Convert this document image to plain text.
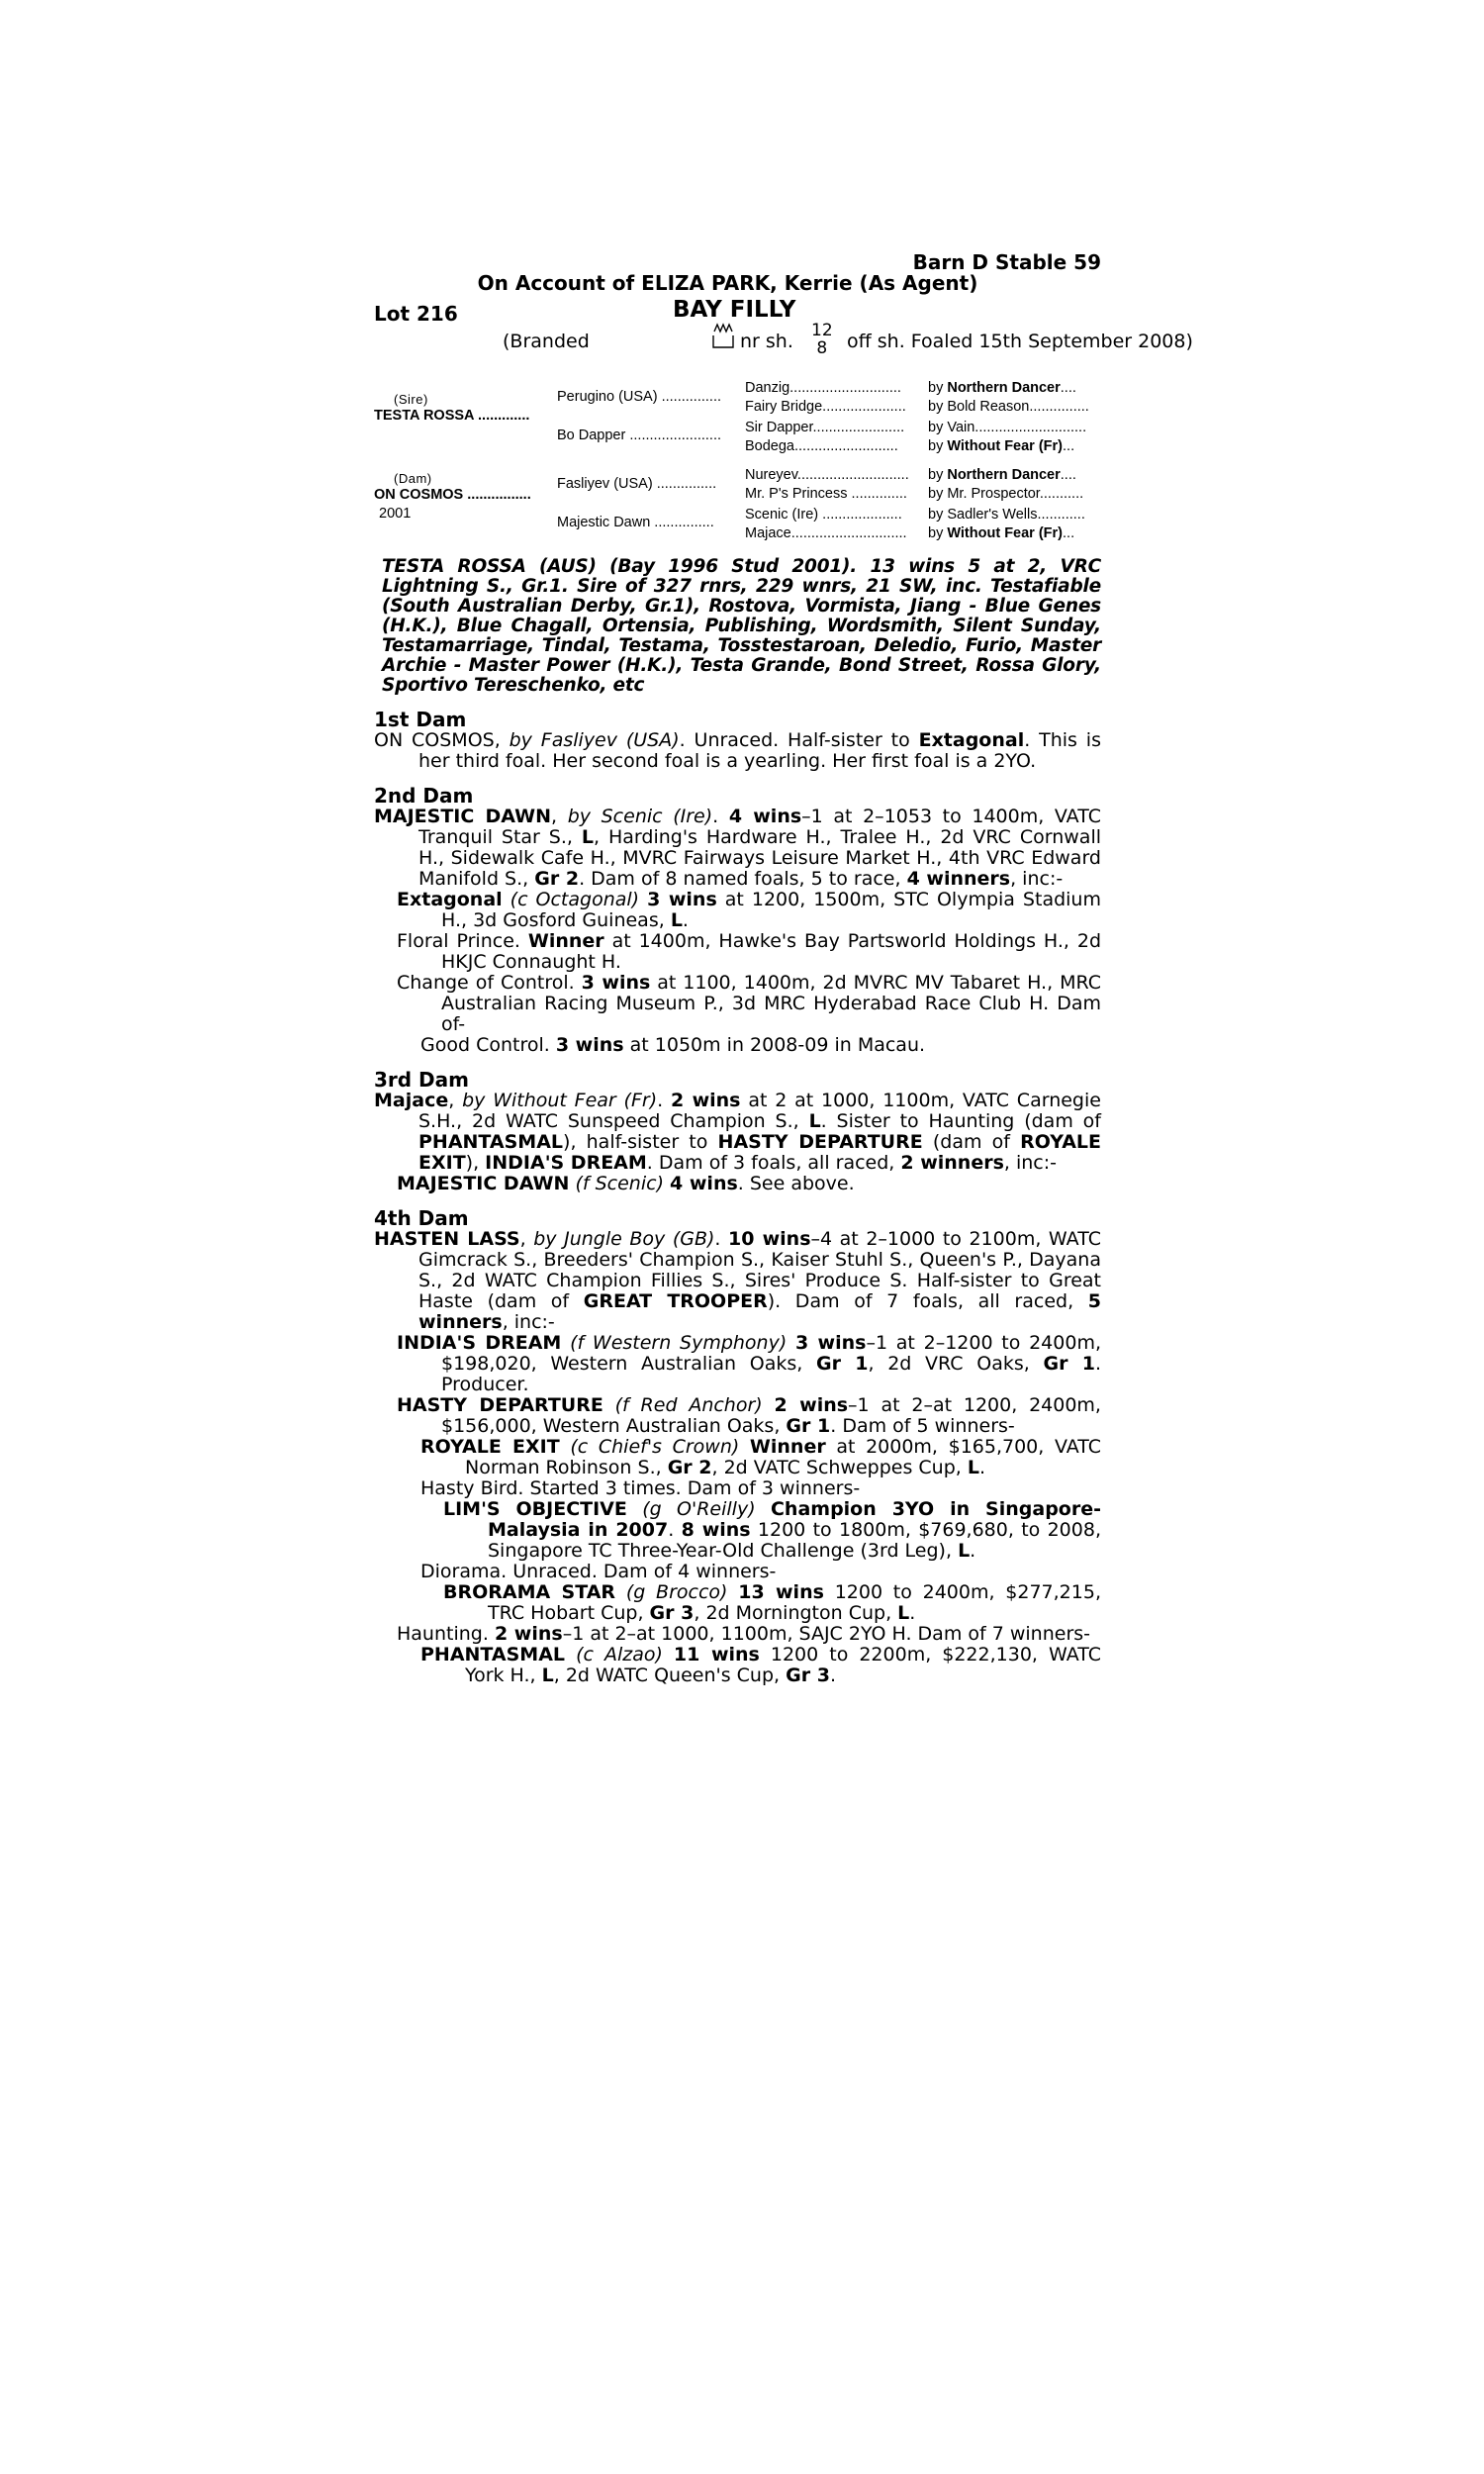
Barn D Stable 59
On Account of ELIZA PARK, Kerrie (As Agent)
Lot 216	BAY FILLY
(Branded	nr sh. 12
8 off sh. Foaled 15th September 2008)
(Sire)
TESTA ROSSA .............
(Dam)
ON COSMOS ................
2001
Perugino (USA) ...............
Bo Dapper .......................
Fasliyev (USA) ...............
Majestic Dawn ...............
Danzig............................
Fairy Bridge.....................
Sir Dapper.......................
Bodega..........................
Nureyev............................
Mr. P's Princess ..............
Scenic (Ire) ....................
Majace.............................
by Northern Dancer....
by Bold Reason...............
by Vain............................
by Without Fear (Fr)...
by Northern Dancer....
by Mr. Prospector...........
by Sadler's Wells............
by Without Fear (Fr)...
TESTA ROSSA (AUS) (Bay 1996 Stud 2001). 13 wins 5 at 2, VRC Lightning S., Gr.1. Sire of 327 rnrs, 229 wnrs, 21 SW, inc. Testafiable (South Australian Derby, Gr.1), Rostova, Vormista, Jiang - Blue Genes (H.K.), Blue Chagall, Ortensia, Publishing, Wordsmith, Silent Sunday, Testamarriage, Tindal, Testama, Tosstestaroan, Deledio, Furio, Master Archie - Master Power (H.K.), Testa Grande, Bond Street, Rossa Glory, Sportivo Tereschenko, etc
1st Dam
ON COSMOS, by Fasliyev (USA). Unraced. Half-sister to Extagonal. This is her third foal. Her second foal is a yearling. Her first foal is a 2YO.
2nd Dam
MAJESTIC DAWN, by Scenic (Ire). 4 wins–1 at 2–1053 to 1400m, VATC Tranquil Star S., L, Harding's Hardware H., Tralee H., 2d VRC Cornwall H., Sidewalk Cafe H., MVRC Fairways Leisure Market H., 4th VRC Edward Manifold S., Gr 2. Dam of 8 named foals, 5 to race, 4 winners, inc:-
Extagonal (c Octagonal) 3 wins at 1200, 1500m, STC Olympia Stadium H., 3d Gosford Guineas, L.
Floral Prince. Winner at 1400m, Hawke's Bay Partsworld Holdings H., 2d HKJC Connaught H.
Change of Control. 3 wins at 1100, 1400m, 2d MVRC MV Tabaret H., MRC Australian Racing Museum P., 3d MRC Hyderabad Race Club H. Dam of-
Good Control. 3 wins at 1050m in 2008-09 in Macau.
3rd Dam
Majace, by Without Fear (Fr). 2 wins at 2 at 1000, 1100m, VATC Carnegie S.H., 2d WATC Sunspeed Champion S., L. Sister to Haunting (dam of PHANTASMAL), half-sister to HASTY DEPARTURE (dam of ROYALE EXIT), INDIA'S DREAM. Dam of 3 foals, all raced, 2 winners, inc:-
MAJESTIC DAWN (f Scenic) 4 wins. See above.
4th Dam
HASTEN LASS, by Jungle Boy (GB). 10 wins–4 at 2–1000 to 2100m, WATC Gimcrack S., Breeders' Champion S., Kaiser Stuhl S., Queen's P., Dayana S., 2d WATC Champion Fillies S., Sires' Produce S. Half-sister to Great Haste (dam of GREAT TROOPER). Dam of 7 foals, all raced, 5 winners, inc:-
INDIA'S DREAM (f Western Symphony) 3 wins–1 at 2–1200 to 2400m, $198,020, Western Australian Oaks, Gr 1, 2d VRC Oaks, Gr 1. Producer.
HASTY DEPARTURE (f Red Anchor) 2 wins–1 at 2–at 1200, 2400m, $156,000, Western Australian Oaks, Gr 1. Dam of 5 winners-
ROYALE EXIT (c Chief's Crown) Winner at 2000m, $165,700, VATC Norman Robinson S., Gr 2, 2d VATC Schweppes Cup, L.
Hasty Bird. Started 3 times. Dam of 3 winners-
LIM'S OBJECTIVE (g O'Reilly) Champion 3YO in Singapore-Malaysia in 2007. 8 wins 1200 to 1800m, $769,680, to 2008, Singapore TC Three-Year-Old Challenge (3rd Leg), L.
Diorama. Unraced. Dam of 4 winners-
BRORAMA STAR (g Brocco) 13 wins 1200 to 2400m, $277,215, TRC Hobart Cup, Gr 3, 2d Mornington Cup, L.
Haunting. 2 wins–1 at 2–at 1000, 1100m, SAJC 2YO H. Dam of 7 winners-
PHANTASMAL (c Alzao) 11 wins 1200 to 2200m, $222,130, WATC York H., L, 2d WATC Queen's Cup, Gr 3.
